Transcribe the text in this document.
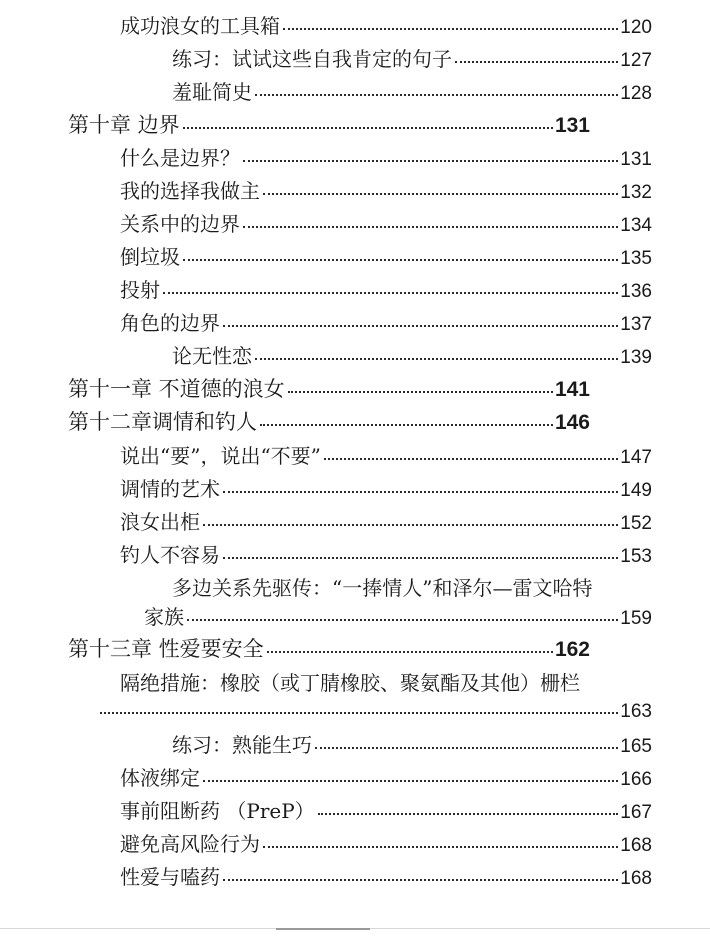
成功浪女的工具箱	120
练习：试试这些自我肯定的句子	127
羞耻简史	128
第十章 边界	131
什么是边界？	131
我的选择我做主	132
关系中的边界	134
倒垃圾	135
投射	136
角色的边界	137
论无性恋	139
第十一章 不道德的浪女	141
第十二章调情和钓人	146
说出“要”，说出“不要”	147
调情的艺术	149
浪女出柜	152
钓人不容易	153
多边关系先驱传：“一捧情人”和泽尔—雷文哈特
家族	159
第十三章 性爱要安全	162
隔绝措施：橡胶（或丁腈橡胶、聚氨酯及其他）栅栏
163
练习：熟能生巧	165
体液绑定	166
事前阻断药 （PreP）	167
避免高风险行为	168
性爱与嗑药	168
